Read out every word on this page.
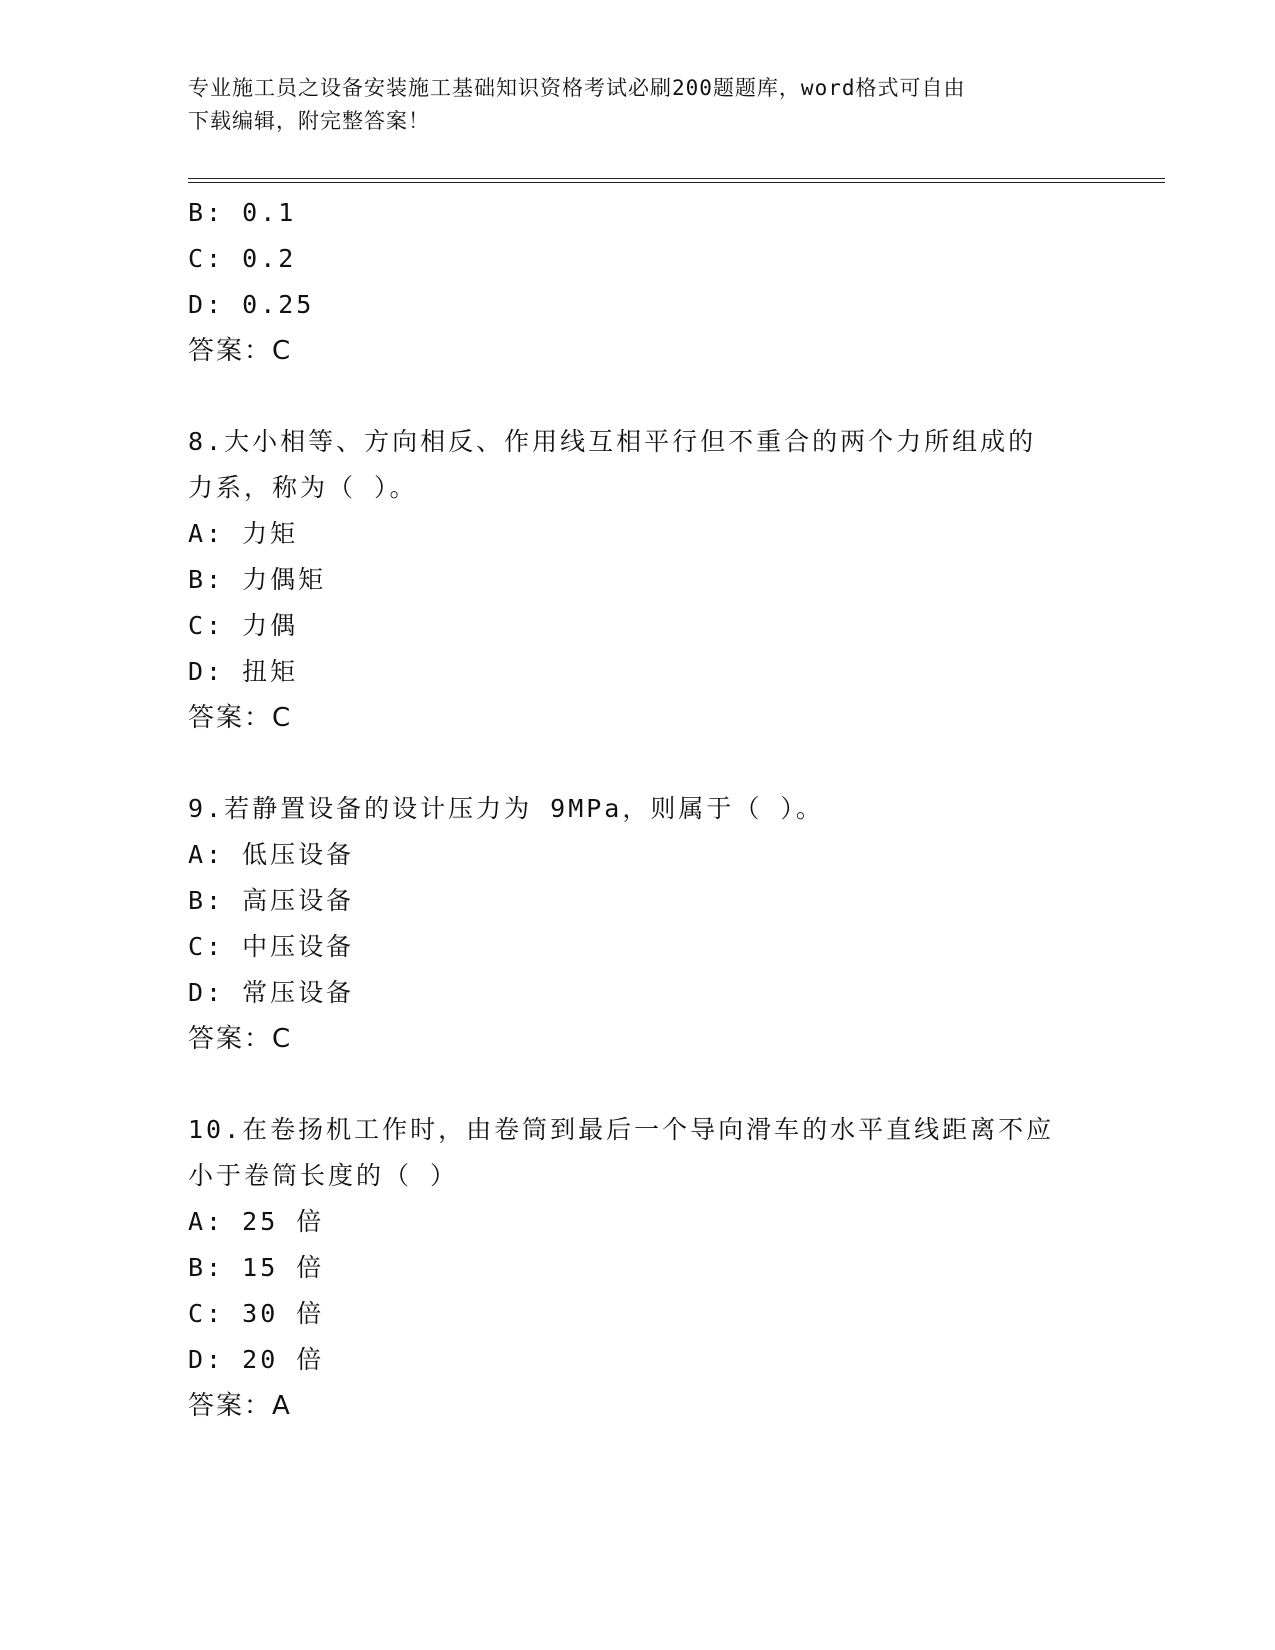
专业施工员之设备安装施工基础知识资格考试必刷200题题库，word格式可自由
下载编辑，附完整答案！
B: 0.1
C: 0.2
D: 0.25
答案：C
8.大小相等、方向相反、作用线互相平行但不重合的两个力所组成的
力系，称为（ ）。
A: 力矩
B: 力偶矩
C: 力偶
D: 扭矩
答案：C
9.若静置设备的设计压力为 9MPa，则属于（ ）。
A: 低压设备
B: 高压设备
C: 中压设备
D: 常压设备
答案：C
10.在卷扬机工作时，由卷筒到最后一个导向滑车的水平直线距离不应
小于卷筒长度的（ ）
A: 25 倍
B: 15 倍
C: 30 倍
D: 20 倍
答案：A
